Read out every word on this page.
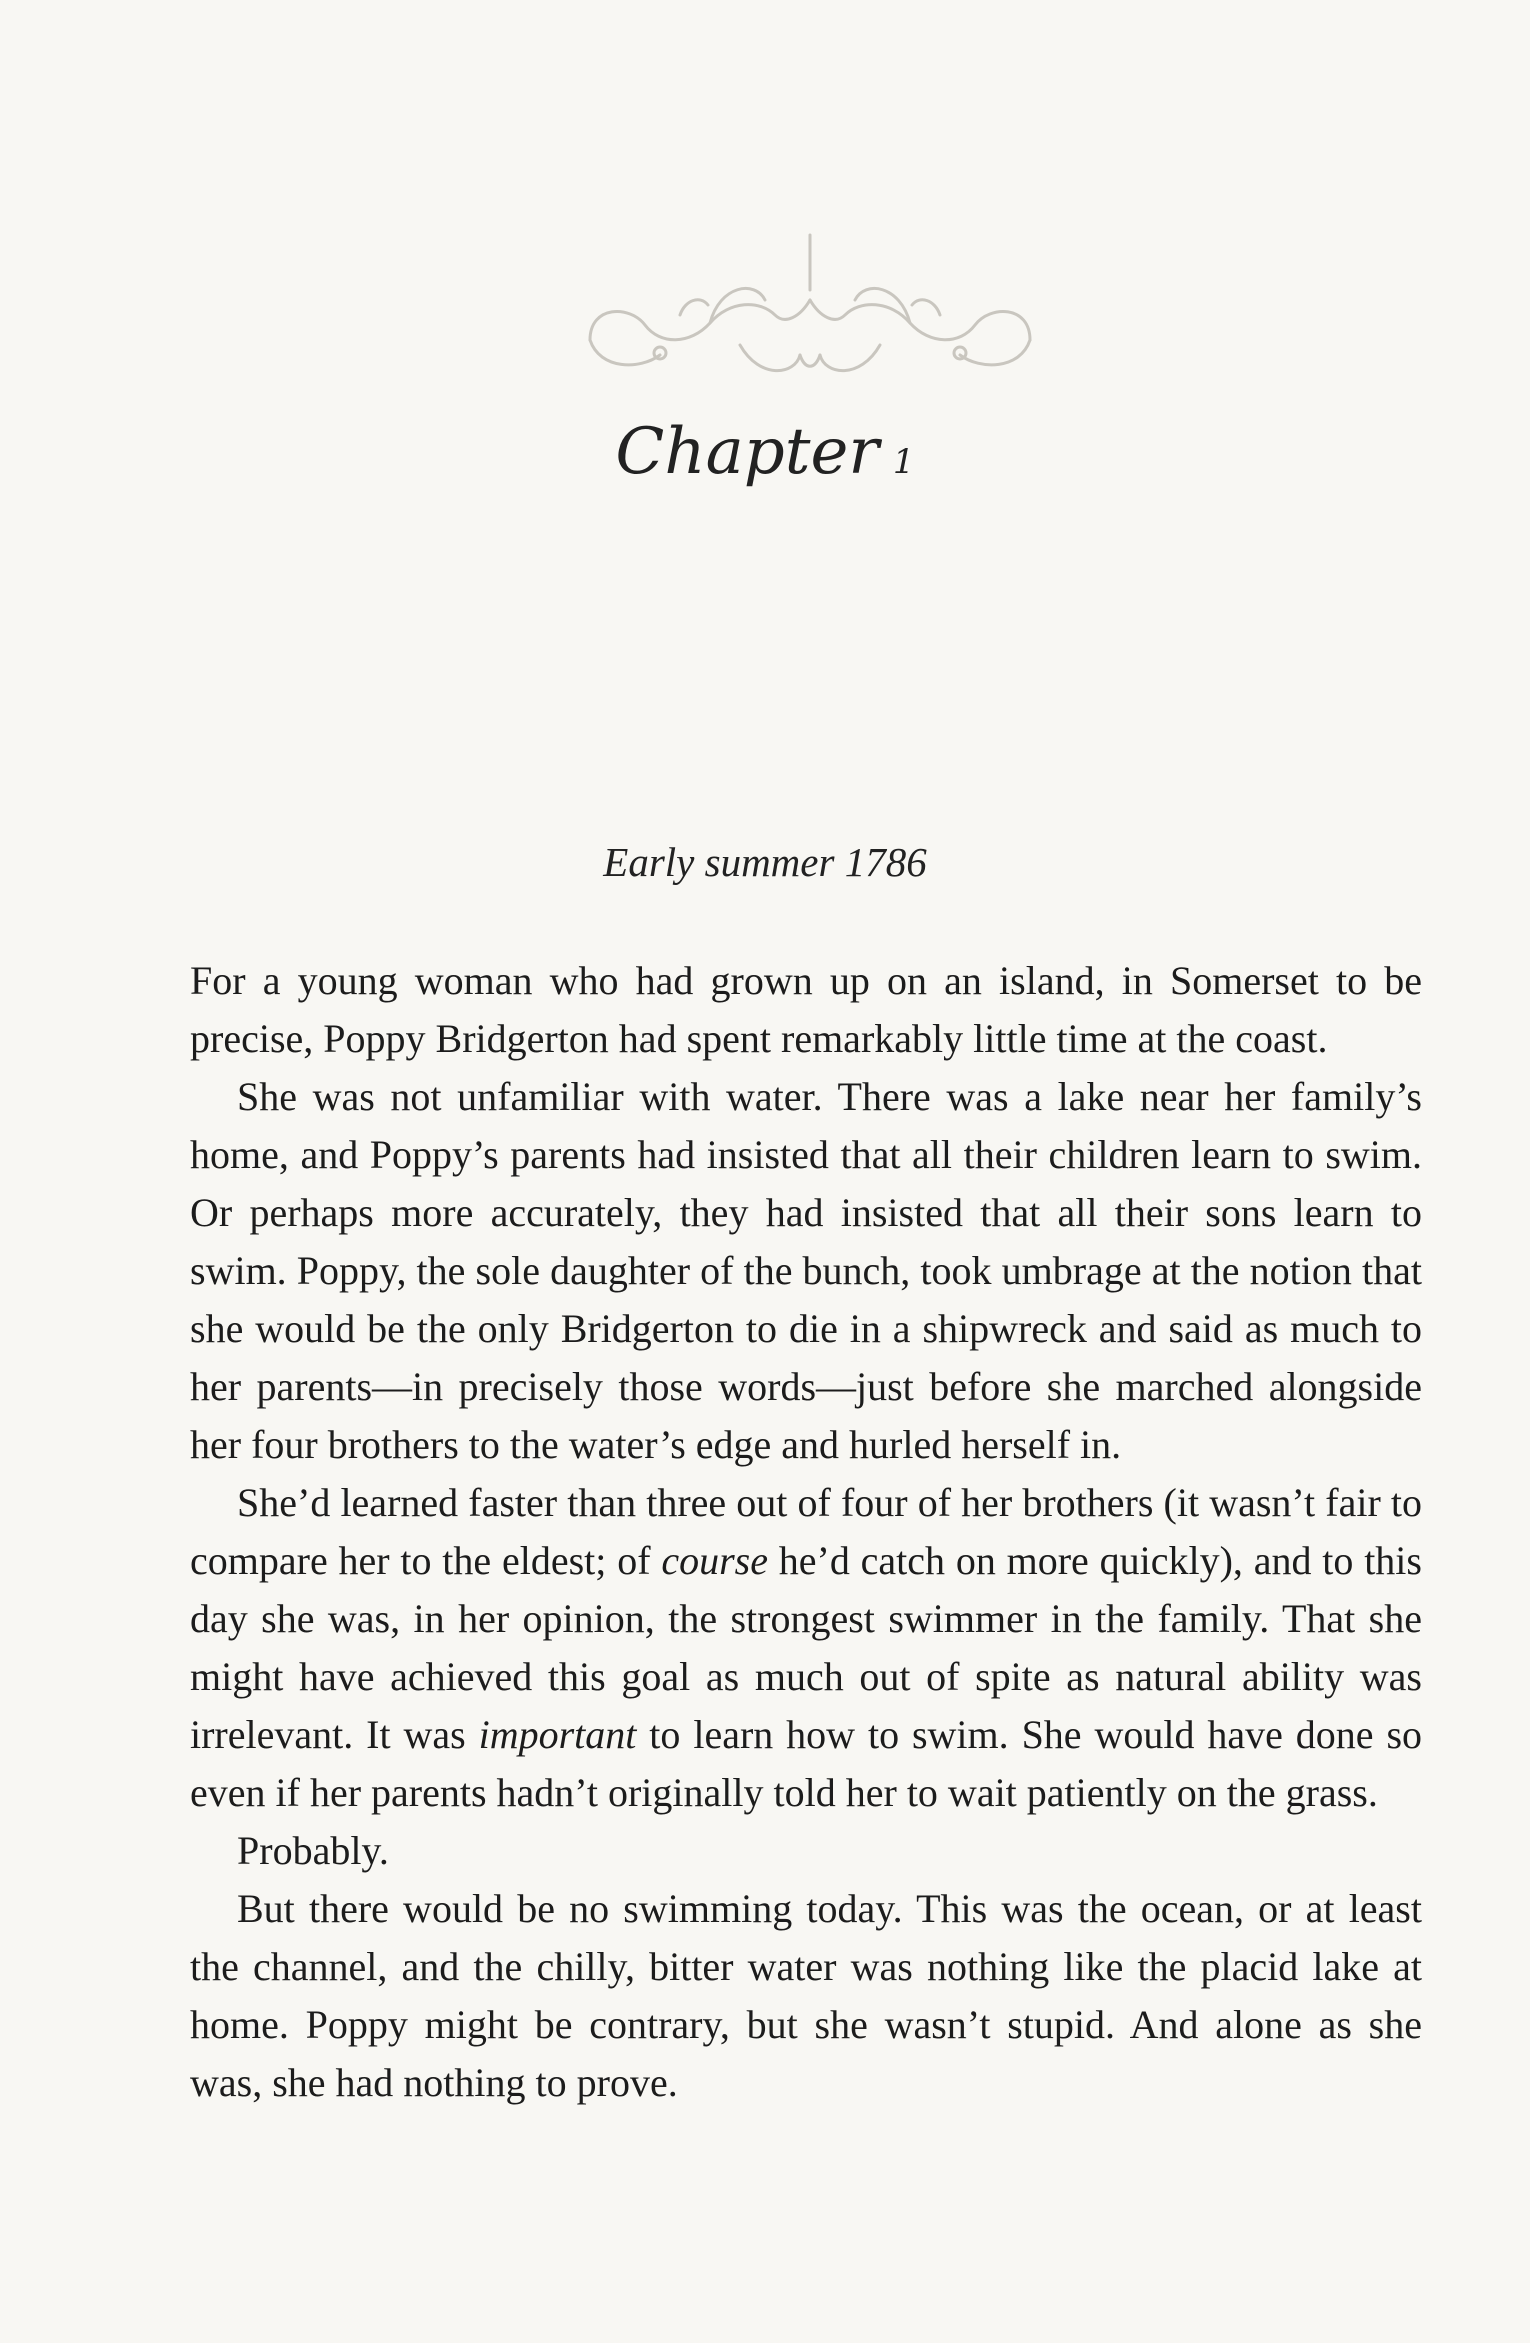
Chapter 1
Early summer 1786

For a young woman who had grown up on an island, in Somerset to be precise, Poppy Bridgerton had spent remarkably little time at the coast.

She was not unfamiliar with water. There was a lake near her family’s home, and Poppy’s parents had insisted that all their children learn to swim. Or perhaps more accurately, they had insisted that all their sons learn to swim. Poppy, the sole daughter of the bunch, took umbrage at the notion that she would be the only Bridgerton to die in a shipwreck and said as much to her parents—in precisely those words—just before she marched alongside her four brothers to the water’s edge and hurled herself in.

She’d learned faster than three out of four of her brothers (it wasn’t fair to compare her to the eldest; of course he’d catch on more quickly), and to this day she was, in her opinion, the strongest swimmer in the family. That she might have achieved this goal as much out of spite as natural ability was irrelevant. It was important to learn how to swim. She would have done so even if her parents hadn’t originally told her to wait patiently on the grass.

Probably.

But there would be no swimming today. This was the ocean, or at least the channel, and the chilly, bitter water was nothing like the placid lake at home. Poppy might be contrary, but she wasn’t stupid. And alone as she was, she had nothing to prove.
